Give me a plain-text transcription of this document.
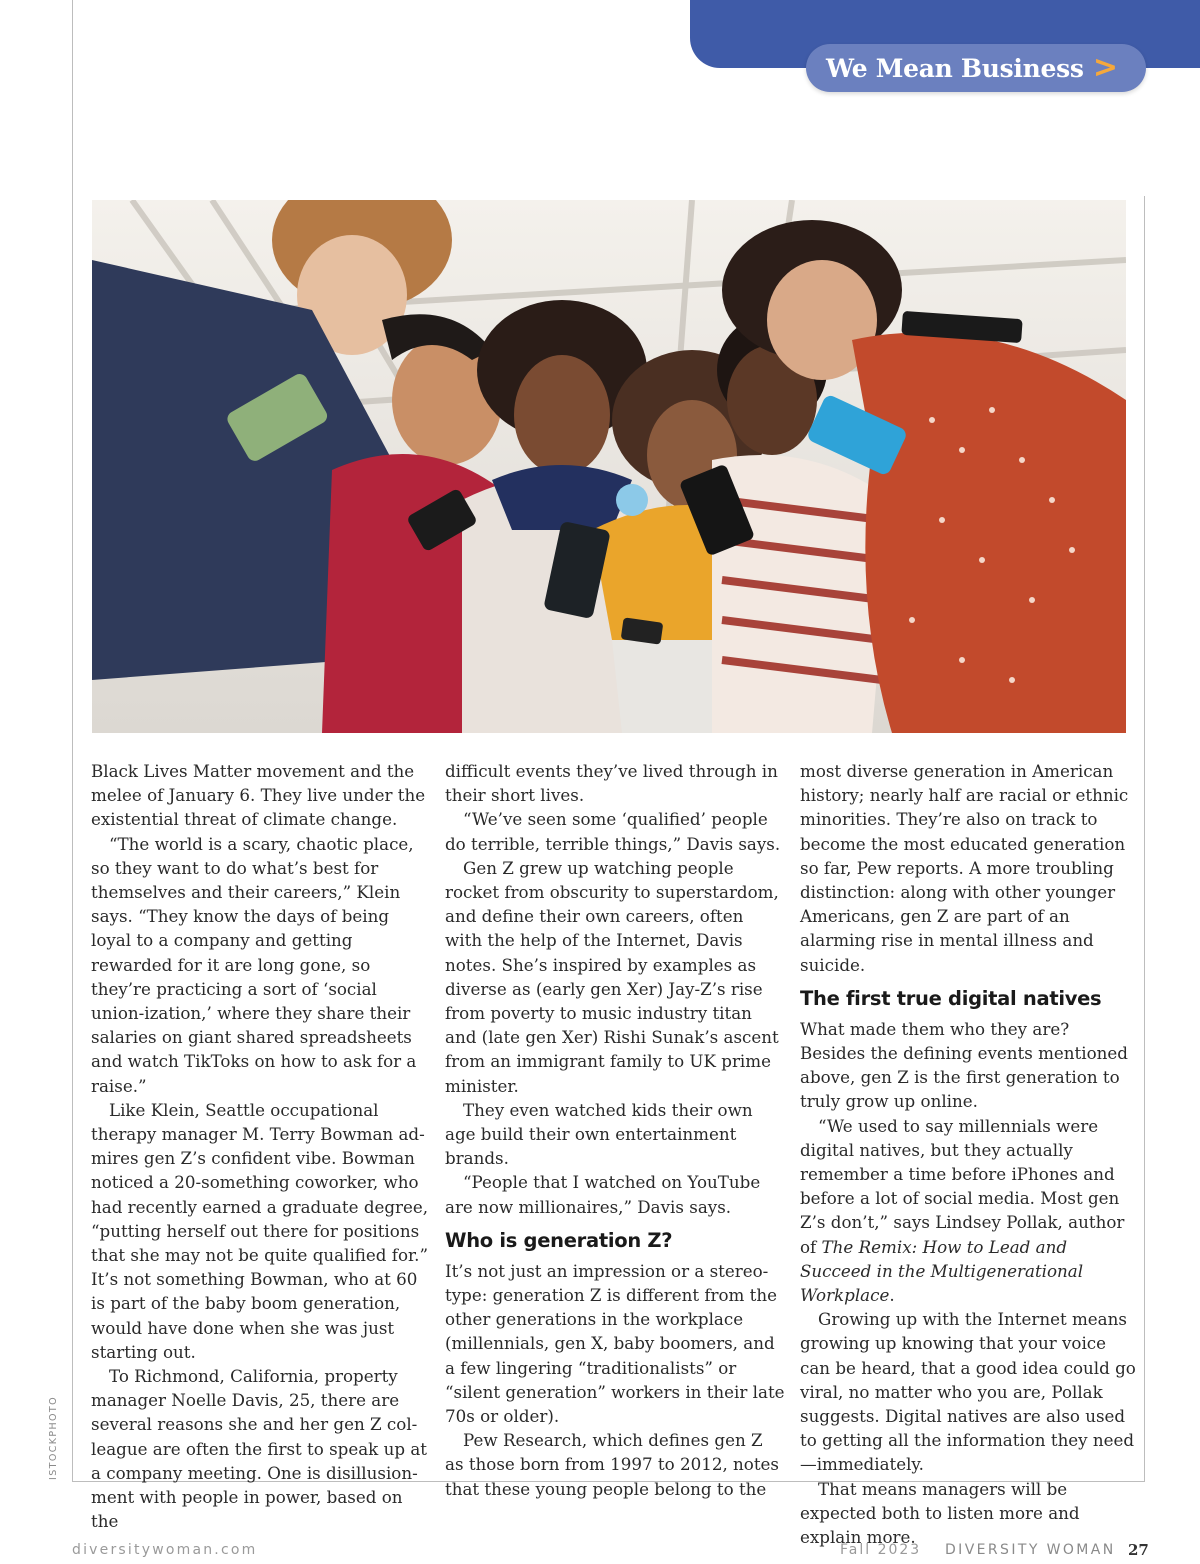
We Mean Business >
ISTOCKPHOTO

Black Lives Matter movement and the melee of January 6. They live under the existential threat of climate change.

“The world is a scary, chaotic place, so they want to do what’s best for themselves and their careers,” Klein says. “They know the days of being loyal to a company and getting rewarded for it are long gone, so they’re practicing a sort of ‘social union-ization,’ where they share their salaries on giant shared spreadsheets and watch TikToks on how to ask for a raise.”

Like Klein, Seattle occupational therapy manager M. Terry Bowman ad-mires gen Z’s confident vibe. Bowman noticed a 20-something coworker, who had recently earned a graduate degree, “putting herself out there for positions that she may not be quite qualified for.” It’s not something Bowman, who at 60 is part of the baby boom generation, would have done when she was just starting out.

To Richmond, California, property manager Noelle Davis, 25, there are several reasons she and her gen Z col-league are often the first to speak up at a company meeting. One is disillusion-ment with people in power, based on the

difficult events they’ve lived through in their short lives.

“We’ve seen some ‘qualified’ people do terrible, terrible things,” Davis says.

Gen Z grew up watching people rocket from obscurity to superstardom, and define their own careers, often with the help of the Internet, Davis notes. She’s inspired by examples as diverse as (early gen Xer) Jay-Z’s rise from poverty to music industry titan and (late gen Xer) Rishi Sunak’s ascent from an immigrant family to UK prime minister.

They even watched kids their own age build their own entertainment brands.

“People that I watched on YouTube are now millionaires,” Davis says.

Who is generation Z?

It’s not just an impression or a stereo-type: generation Z is different from the other generations in the workplace (millennials, gen X, baby boomers, and a few lingering “traditionalists” or “silent generation” workers in their late 70s or older).

Pew Research, which defines gen Z as those born from 1997 to 2012, notes that these young people belong to the

most diverse generation in American history; nearly half are racial or ethnic minorities. They’re also on track to become the most educated generation so far, Pew reports. A more troubling distinction: along with other younger Americans, gen Z are part of an alarming rise in mental illness and suicide.

The first true digital natives

What made them who they are? Besides the defining events mentioned above, gen Z is the first generation to truly grow up online.

“We used to say millennials were digital natives, but they actually remember a time before iPhones and before a lot of social media. Most gen Z’s don’t,” says Lindsey Pollak, author of The Remix: How to Lead and Succeed in the Multigenerational Workplace.

Growing up with the Internet means growing up knowing that your voice can be heard, that a good idea could go viral, no matter who you are, Pollak suggests. Digital natives are also used to getting all the information they need—immediately.

That means managers will be expected both to listen more and explain more.

diversitywoman.com	Fall 2023 DIVERSITY WOMAN 27
